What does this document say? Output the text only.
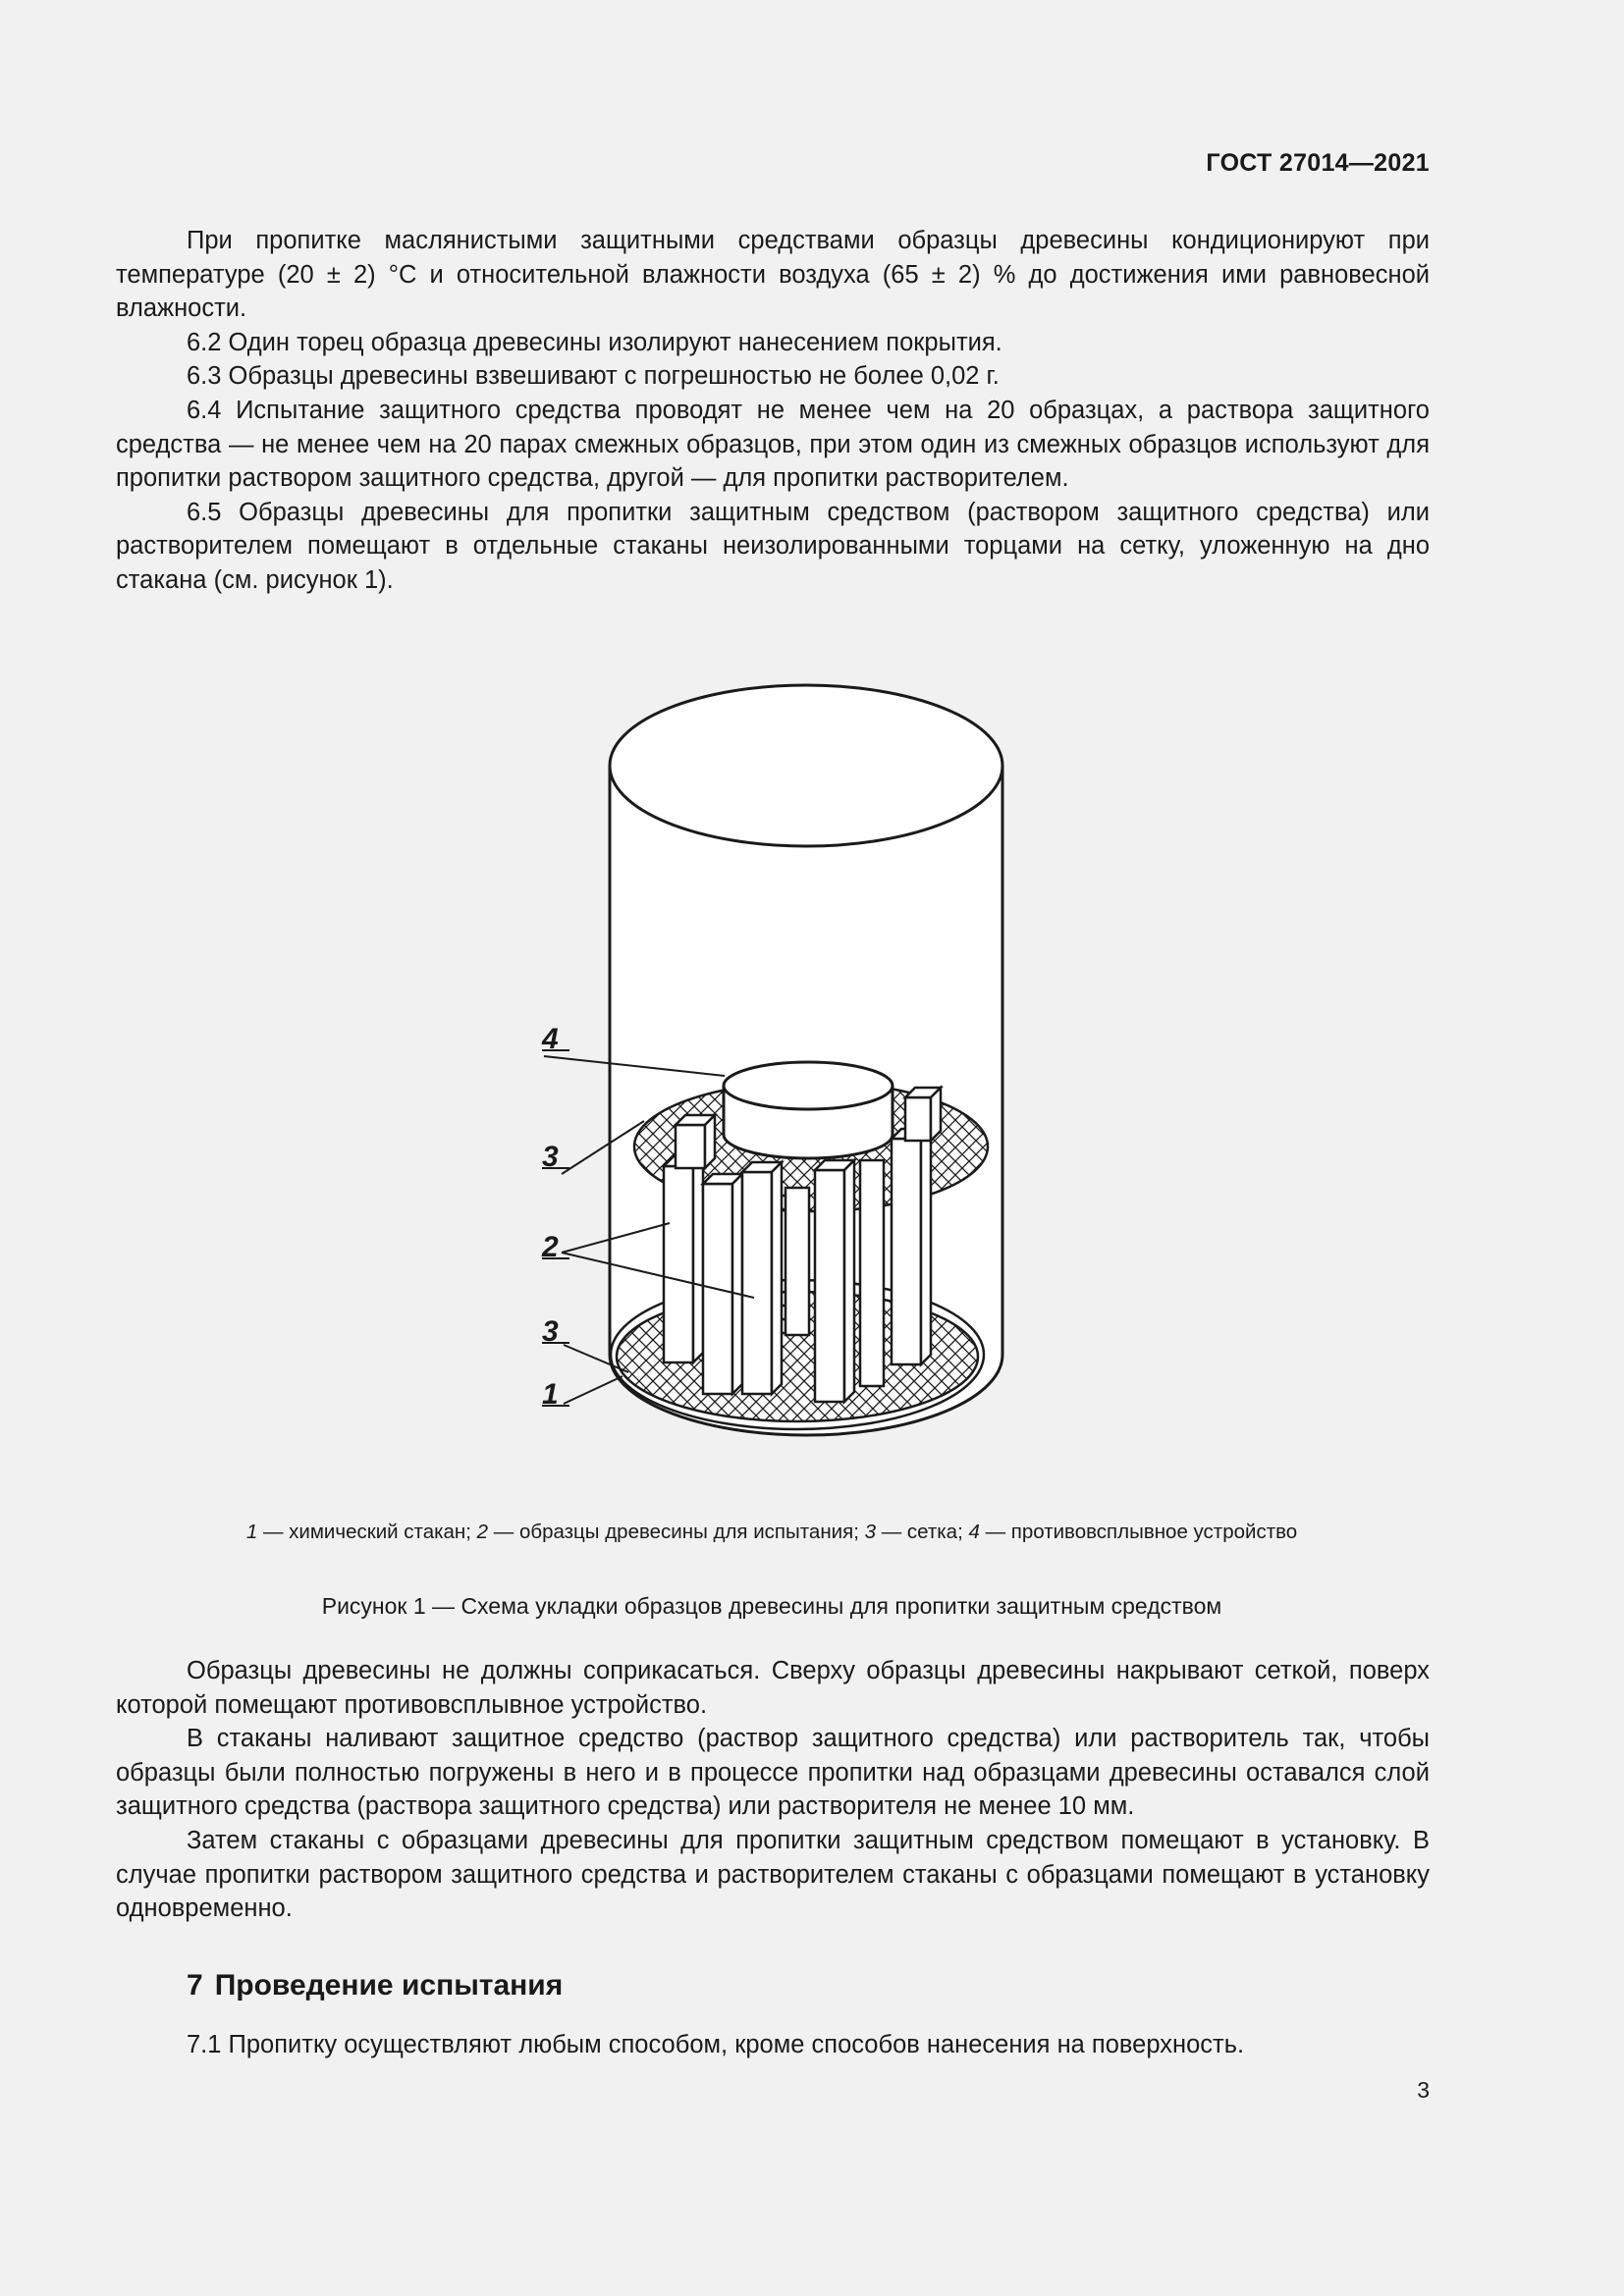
ГОСТ 27014—2021

При пропитке маслянистыми защитными средствами образцы древесины кондиционируют при температуре (20 ± 2) °С и относительной влажности воздуха (65 ± 2) % до достижения ими равновесной влажности.

6.2 Один торец образца древесины изолируют нанесением покрытия.

6.3 Образцы древесины взвешивают с погрешностью не более 0,02 г.

6.4 Испытание защитного средства проводят не менее чем на 20 образцах, а раствора защитного средства — не менее чем на 20 парах смежных образцов, при этом один из смежных образцов используют для пропитки раствором защитного средства, другой — для пропитки растворителем.

6.5 Образцы древесины для пропитки защитным средством (раствором защитного средства) или растворителем помещают в отдельные стаканы неизолированными торцами на сетку, уложенную на дно стакана (см. рисунок 1).

4
3
2
3
1
1 — химический стакан; 2 — образцы древесины для испытания; 3 — сетка; 4 — противовсплывное устройство
Рисунок 1 — Схема укладки образцов древесины для пропитки защитным средством

Образцы древесины не должны соприкасаться. Сверху образцы древесины накрывают сеткой, поверх которой помещают противовсплывное устройство.

В стаканы наливают защитное средство (раствор защитного средства) или растворитель так, чтобы образцы были полностью погружены в него и в процессе пропитки над образцами древесины оставался слой защитного средства (раствора защитного средства) или растворителя не менее 10 мм.

Затем стаканы с образцами древесины для пропитки защитным средством помещают в установку. В случае пропитки раствором защитного средства и растворителем стаканы с образцами помещают в установку одновременно.

7 Проведение испытания
7.1 Пропитку осуществляют любым способом, кроме способов нанесения на поверхность.
3
